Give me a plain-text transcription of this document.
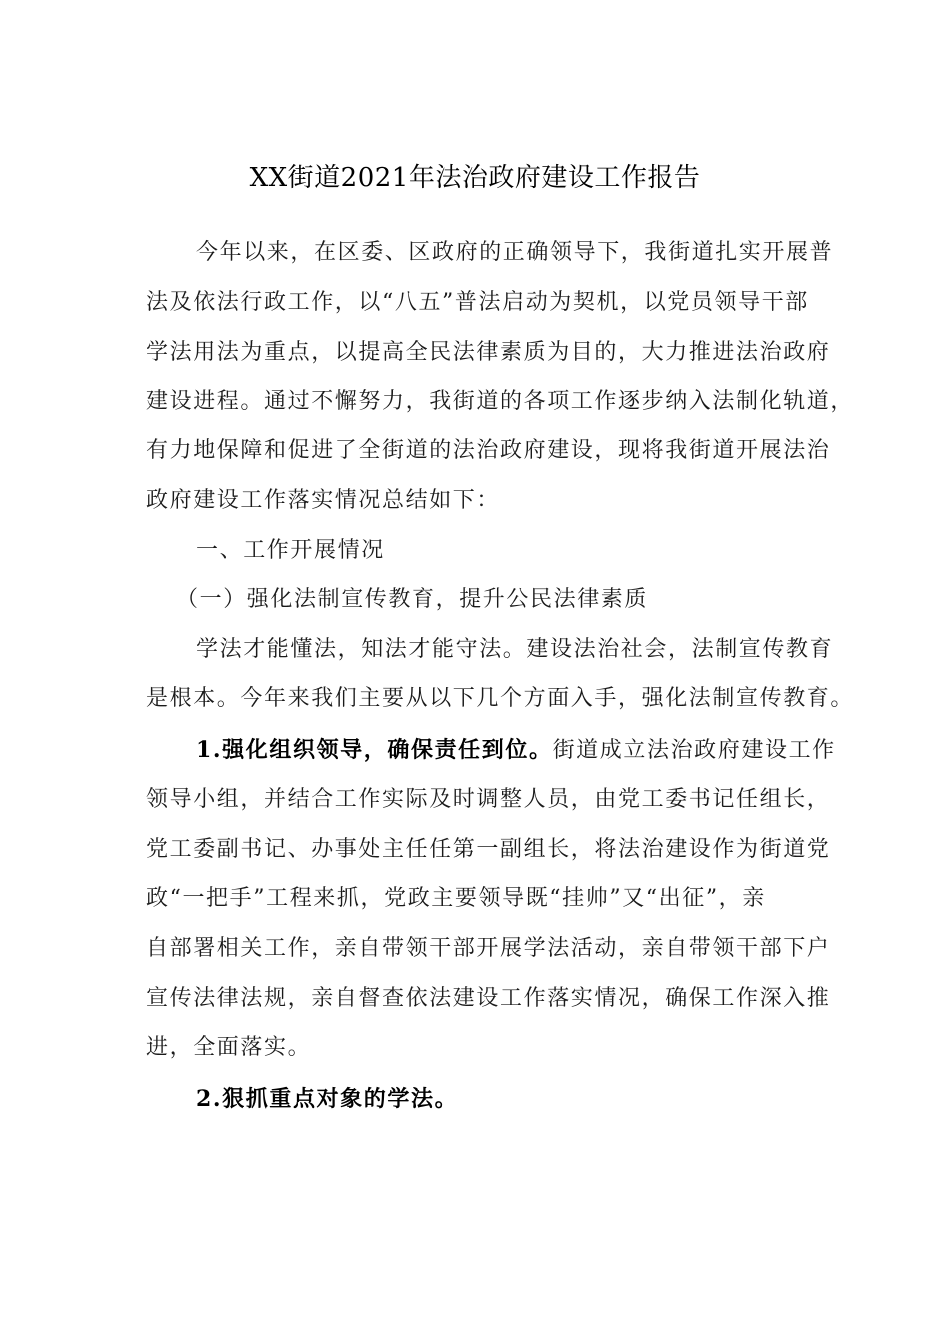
XX街道2021年法治政府建设工作报告
今年以来，在区委、区政府的正确领导下，我街道扎实开展普
法及依法行政工作，以“八五”普法启动为契机，以党员领导干部
学法用法为重点，以提高全民法律素质为目的，大力推进法治政府
建设进程。通过不懈努力，我街道的各项工作逐步纳入法制化轨道，
有力地保障和促进了全街道的法治政府建设，现将我街道开展法治
政府建设工作落实情况总结如下：
一、工作开展情况
（一）强化法制宣传教育，提升公民法律素质
学法才能懂法，知法才能守法。建设法治社会，法制宣传教育
是根本。今年来我们主要从以下几个方面入手，强化法制宣传教育。
1.强化组织领导，确保责任到位。街道成立法治政府建设工作
领导小组，并结合工作实际及时调整人员，由党工委书记任组长，
党工委副书记、办事处主任任第一副组长，将法治建设作为街道党
政“一把手”工程来抓，党政主要领导既“挂帅”又“出征”，亲
自部署相关工作，亲自带领干部开展学法活动，亲自带领干部下户
宣传法律法规，亲自督查依法建设工作落实情况，确保工作深入推
进，全面落实。
2.狠抓重点对象的学法。
